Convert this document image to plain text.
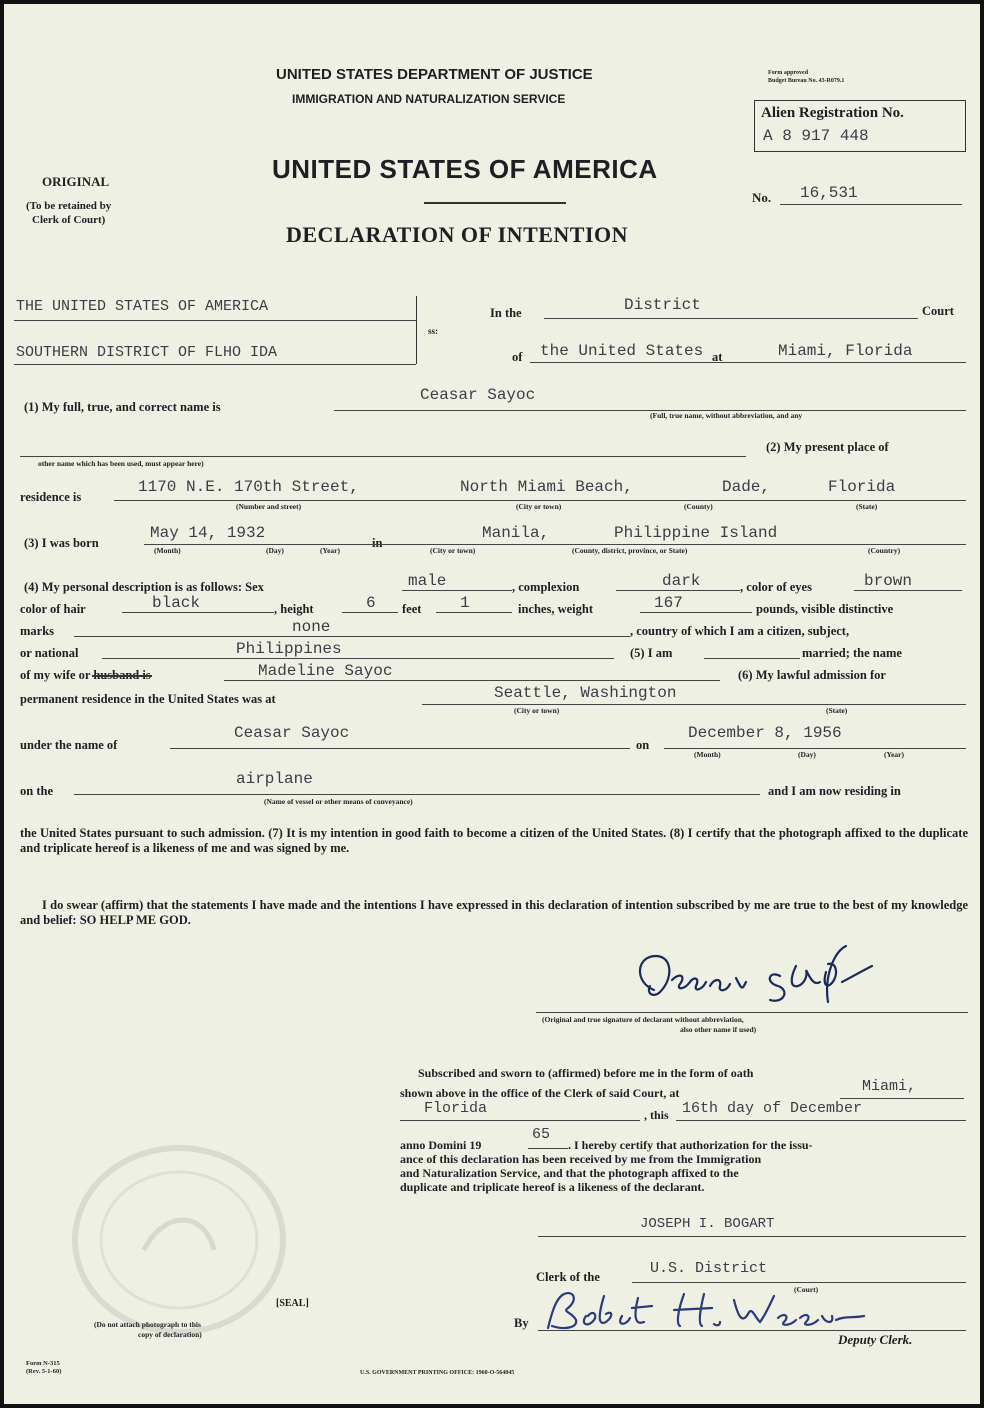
UNITED STATES DEPARTMENT OF JUSTICE
IMMIGRATION AND NATURALIZATION SERVICE
UNITED STATES OF AMERICA
DECLARATION OF INTENTION
ORIGINAL
(To be retained by
Clerk of Court)
Form approved
Budget Bureau No. 43-R079.1
Alien Registration No.
A 8 917 448
No. 16,531
THE UNITED STATES OF AMERICA
SOUTHERN DISTRICT OF FLHO IDA
ss:
In the	District	Court
of the United States at	Miami, Florida
(1) My full, true, and correct name is
Ceasar Sayoc
(Full, true name, without abbreviation, and any
other name which has been used, must appear here)
(2) My present place of
residence is
1170 N.E. 170th Street,	North Miami Beach,	Dade,	Florida
(Number and street)	(City or town)	(County)	(State)
(3) I was born
May 14, 1932
in
Manila,	Philippine Island
(Month)	(Day)	(Year)	(City or town)	(County, district, province, or State)	(Country)
(4) My personal description is as follows: Sex	male	, complexion	dark	, color of eyes	brown
color of hair	black	, height	6 feet 1	inches, weight	167	pounds, visible distinctive
marks	none	, country of which I am a citizen, subject,
or national	Philippines	(5) I am	married; the name
of my wife or husband is	Madeline Sayoc	(6) My lawful admission for
permanent residence in the United States was at	Seattle, Washington
(City or town)	(State)
under the name of
Ceasar Sayoc
on
December 8, 1956
(Month)	(Day)	(Year)
on the
airplane
(Name of vessel or other means of conveyance)
and I am now residing in
the United States pursuant to such admission. (7) It is my intention in good faith to become a citizen of the United States. (8) I certify that the photograph affixed to the duplicate and triplicate hereof is a likeness of me and was signed by me.
I do swear (affirm) that the statements I have made and the intentions I have expressed in this declaration of intention subscribed by me are true to the best of my knowledge and belief: SO HELP ME GOD.
(Original and true signature of declarant without abbreviation,
also other name if used)
Subscribed and sworn to (affirmed) before me in the form of oath
shown above in the office of the Clerk of said Court, at	Miami,
Florida	, this 16th day of December
anno Domini 19
65
. I hereby certify that authorization for the issu-
ance of this declaration has been received by me from the Immigration
and Naturalization Service, and that the photograph affixed to the
duplicate and triplicate hereof is a likeness of the declarant.
JOSEPH I. BOGART
Clerk of the	U.S. District
(Court)
By
Deputy Clerk.
[SEAL]
(Do not attach photograph to this
copy of declaration)
Form N-315
(Rev. 5-1-60)	U.S. GOVERNMENT PRINTING OFFICE: 1960-O-564845
